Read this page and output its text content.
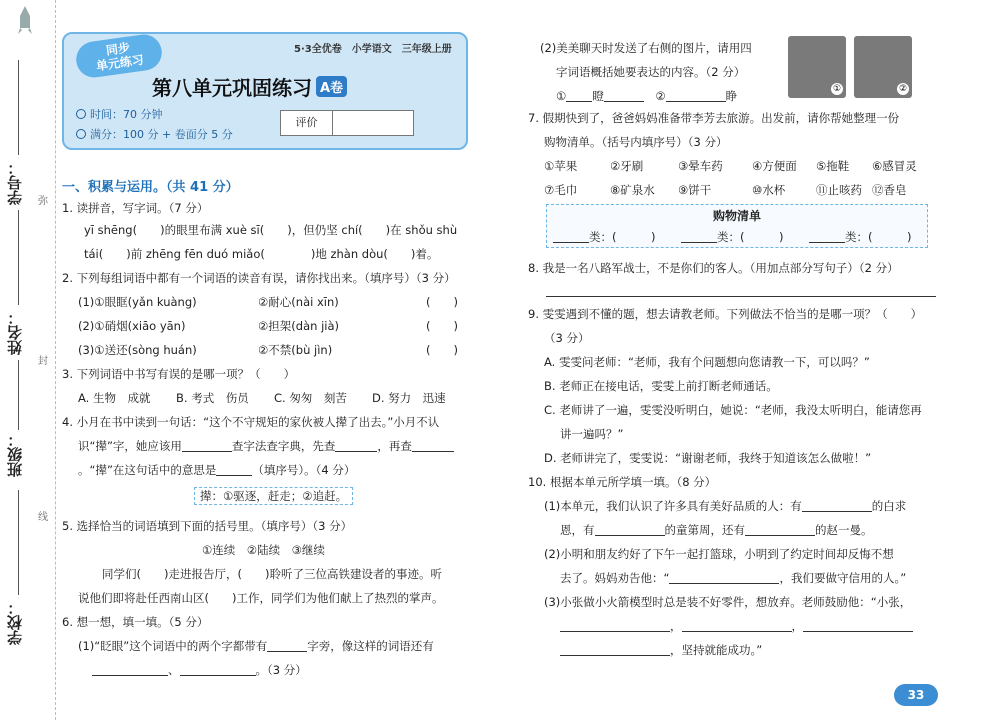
学号：
姓名：
班级：
学校：
弥
封
线
同步
单元练习
5·3全优卷　小学语文　三年级上册
第八单元巩固练习 A卷
时间：70 分钟
满分：100 分 + 卷面分 5 分
评价
一、积累与运用。（共 41 分）
1. 读拼音，写字词。（7 分）
yī shēng(　　)的眼里布满 xuè sī(　　)，但仍坚 chí(　　)在 shǒu shù
tái(　　)前 zhēng fēn duó miǎo(　　　　)地 zhàn dòu(　　)着。
2. 下列每组词语中都有一个词语的读音有误，请你找出来。（填序号）（3 分）
(1)①眼眶(yǎn kuàng)	②耐心(nài xīn)	(　　)
(2)①硝烟(xiāo yān)	②担架(dàn jià)	(　　)
(3)①送还(sòng huán)	②不禁(bù jìn)	(　　)
3. 下列词语中书写有误的是哪一项？（　　）
A. 生物　成就 B. 考式　伤员 C. 匆匆　刻苦 D. 努力　迅速
4. 小月在书中读到一句话：“这个不守规矩的家伙被人撵了出去。”小月不认
识“撵”字，她应该用	查字法查字典，先查	，再查
。“撵”在这句话中的意思是	（填序号）。（4 分）
撵：①驱逐，赶走；②追赶。
5. 选择恰当的词语填到下面的括号里。（填序号）（3 分）
①连续　②陆续　③继续
同学们(　　)走进报告厅，(　　)聆听了三位高铁建设者的事迹。听
说他们即将赴任西南山区(　　)工作，同学们为他们献上了热烈的掌声。
6. 想一想，填一填。（5 分）
(1)“眨眼”这个词语中的两个字都带有	字旁，像这样的词语还有
、	。（3 分）
(2)美美聊天时发送了右侧的图片，请用四
字词语概括她要表达的内容。（2 分）
① 瞪　	②	睁	①	②
7. 假期快到了，爸爸妈妈准备带李芳去旅游。出发前，请你帮她整理一份
购物清单。（括号内填序号）（3 分）
①苹果	②牙刷	③晕车药	④方便面 ⑤拖鞋 ⑥感冒灵
⑦毛巾	⑧矿泉水 ⑨饼干	⑩水杯	⑪止咳药 ⑫香皂
购物清单
类：(　　　)	类：(　　　)	类：(　　　)
8. 我是一名八路军战士，不是你们的客人。（用加点部分写句子）（2 分）
9. 雯雯遇到不懂的题，想去请教老师。下列做法不恰当的是哪一项？（　　）
（3 分）
A. 雯雯问老师：“老师，我有个问题想向您请教一下，可以吗？”
B. 老师正在接电话，雯雯上前打断老师通话。
C. 老师讲了一遍，雯雯没听明白，她说：“老师，我没太听明白，能请您再
讲一遍吗？”
D. 老师讲完了，雯雯说：“谢谢老师，我终于知道该怎么做啦！”
10. 根据本单元所学填一填。（8 分）
(1)本单元，我们认识了许多具有美好品质的人：有	的白求
恩，有	的童第周，还有	的赵一曼。
(2)小明和朋友约好了下午一起打篮球，小明到了约定时间却反悔不想
去了。妈妈劝告他：“	，我们要做守信用的人。”
(3)小张做小火箭模型时总是装不好零件，想放弃。老师鼓励他：“小张，
，	，
，坚持就能成功。”
33
